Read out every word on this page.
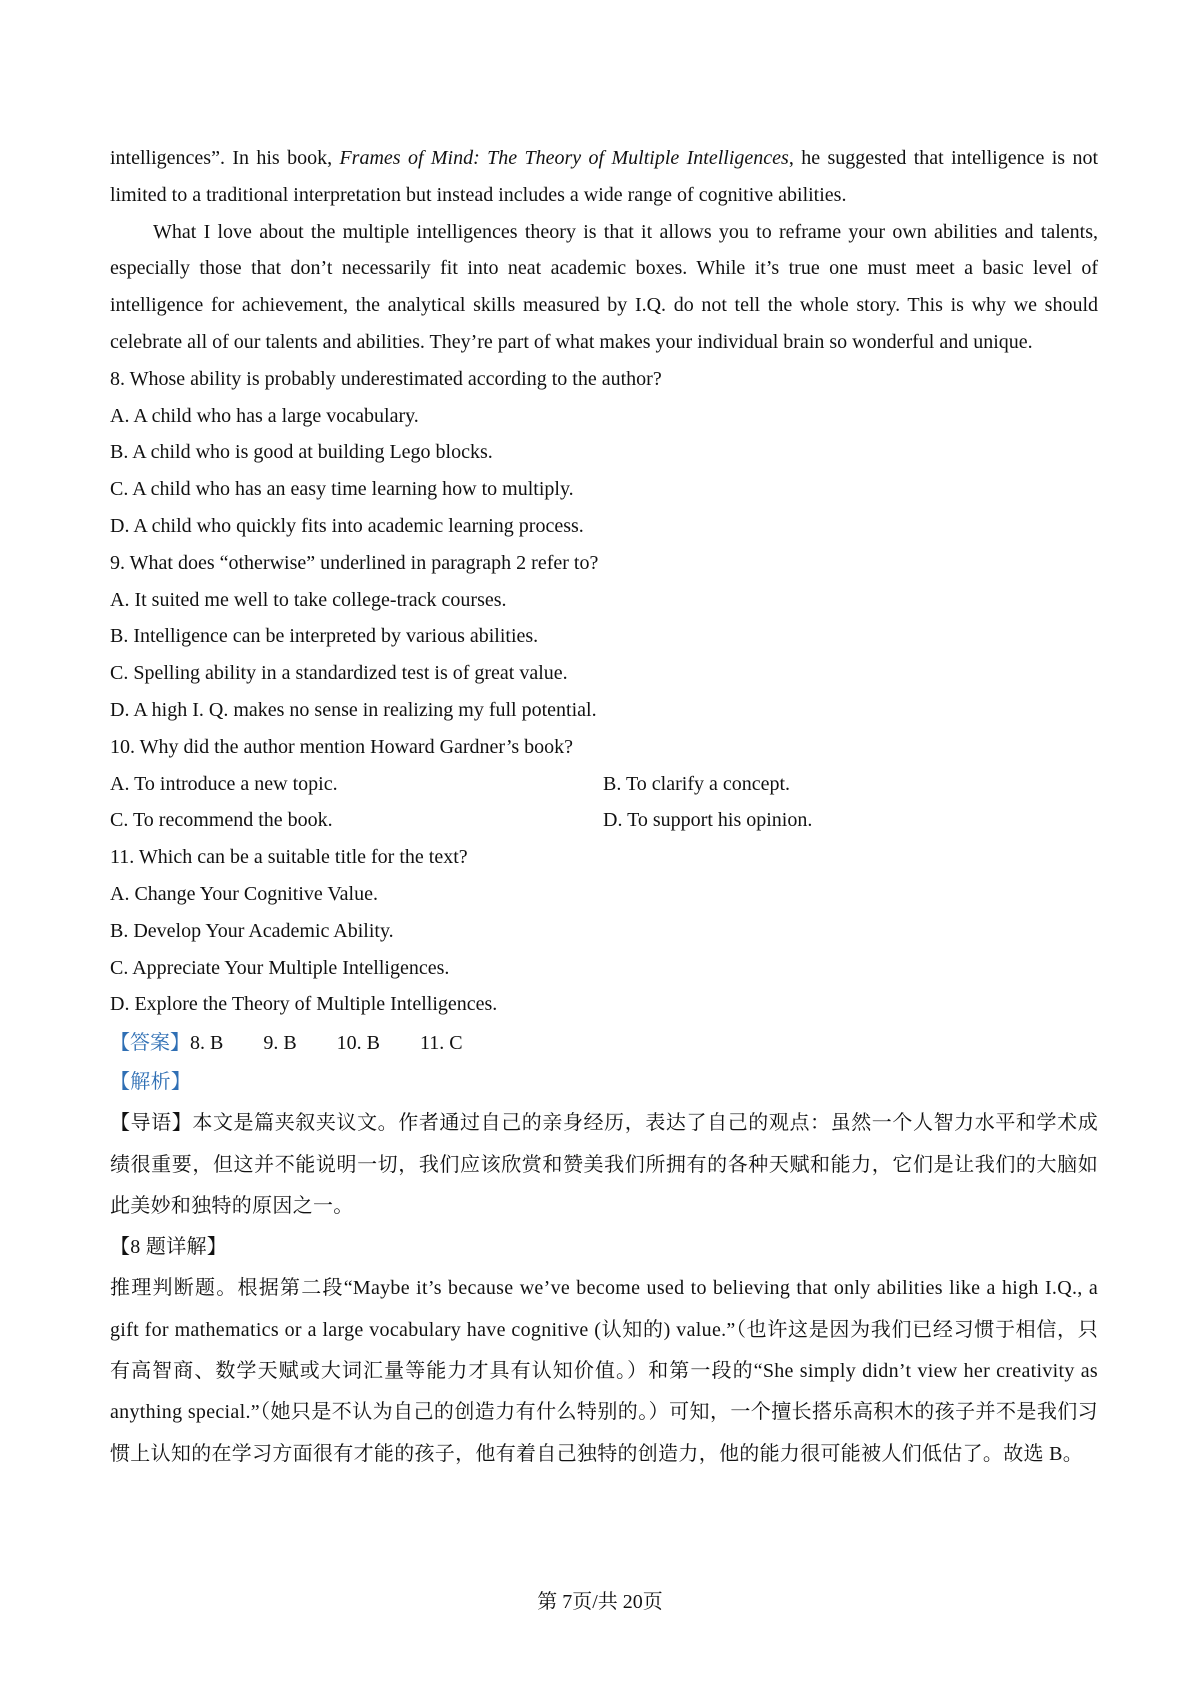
intelligences”. In his book, Frames of Mind: The Theory of Multiple Intelligences, he suggested that intelligence is not limited to a traditional interpretation but instead includes a wide range of cognitive abilities.

What I love about the multiple intelligences theory is that it allows you to reframe your own abilities and talents, especially those that don’t necessarily fit into neat academic boxes. While it’s true one must meet a basic level of intelligence for achievement, the analytical skills measured by I.Q. do not tell the whole story. This is why we should celebrate all of our talents and abilities. They’re part of what makes your individual brain so wonderful and unique.

8. Whose ability is probably underestimated according to the author?

A. A child who has a large vocabulary.

B. A child who is good at building Lego blocks.

C. A child who has an easy time learning how to multiply.

D. A child who quickly fits into academic learning process.

9. What does “otherwise” underlined in paragraph 2 refer to?

A. It suited me well to take college-track courses.

B. Intelligence can be interpreted by various abilities.

C. Spelling ability in a standardized test is of great value.

D. A high I. Q. makes no sense in realizing my full potential.

10. Why did the author mention Howard Gardner’s book?

A. To introduce a new topic.	B. To clarify a concept.
C. To recommend the book.	D. To support his opinion.

11. Which can be a suitable title for the text?

A. Change Your Cognitive Value.

B. Develop Your Academic Ability.

C. Appreciate Your Multiple Intelligences.

D. Explore the Theory of Multiple Intelligences.

【答案】8. B        9. B        10. B        11. C

【解析】

【导语】本文是篇夹叙夹议文。作者通过自己的亲身经历，表达了自己的观点：虽然一个人智力水平和学术成绩很重要，但这并不能说明一切，我们应该欣赏和赞美我们所拥有的各种天赋和能力，它们是让我们的大脑如此美妙和独特的原因之一。

【8 题详解】

推理判断题。根据第二段“Maybe it’s because we’ve become used to believing that only abilities like a high I.Q., a gift for mathematics or a large vocabulary have cognitive (认知的) value.”（也许这是因为我们已经习惯于相信，只有高智商、数学天赋或大词汇量等能力才具有认知价值。）和第一段的“She simply didn’t view her creativity as anything special.”（她只是不认为自己的创造力有什么特别的。）可知，一个擅长搭乐高积木的孩子并不是我们习惯上认知的在学习方面很有才能的孩子，他有着自己独特的创造力，他的能力很可能被人们低估了。故选 B。

第 7页/共 20页
